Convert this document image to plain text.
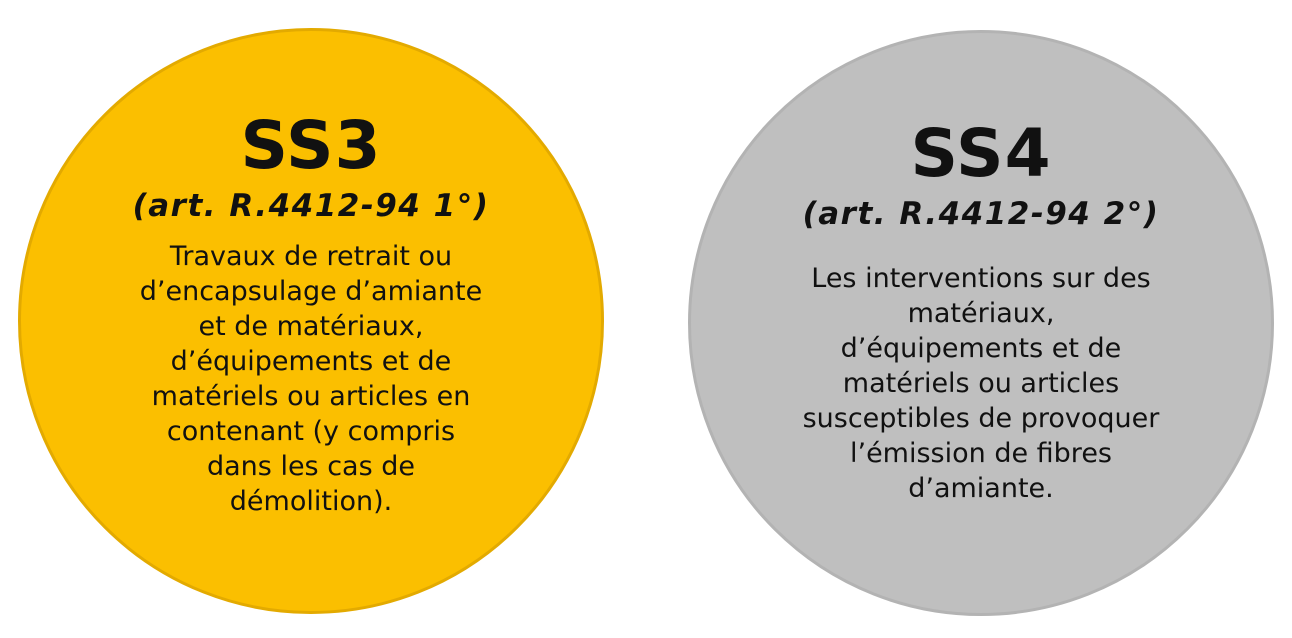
SS3
(art. R.4412-94 1°)
Travaux de retrait ou
d’encapsulage d’amiante
et de matériaux,
d’équipements et de
matériels ou articles en
contenant (y compris
dans les cas de
démolition).
SS4
(art. R.4412-94 2°)
Les interventions sur des
matériaux,
d’équipements et de
matériels ou articles
susceptibles de provoquer
l’émission de fibres
d’amiante.
